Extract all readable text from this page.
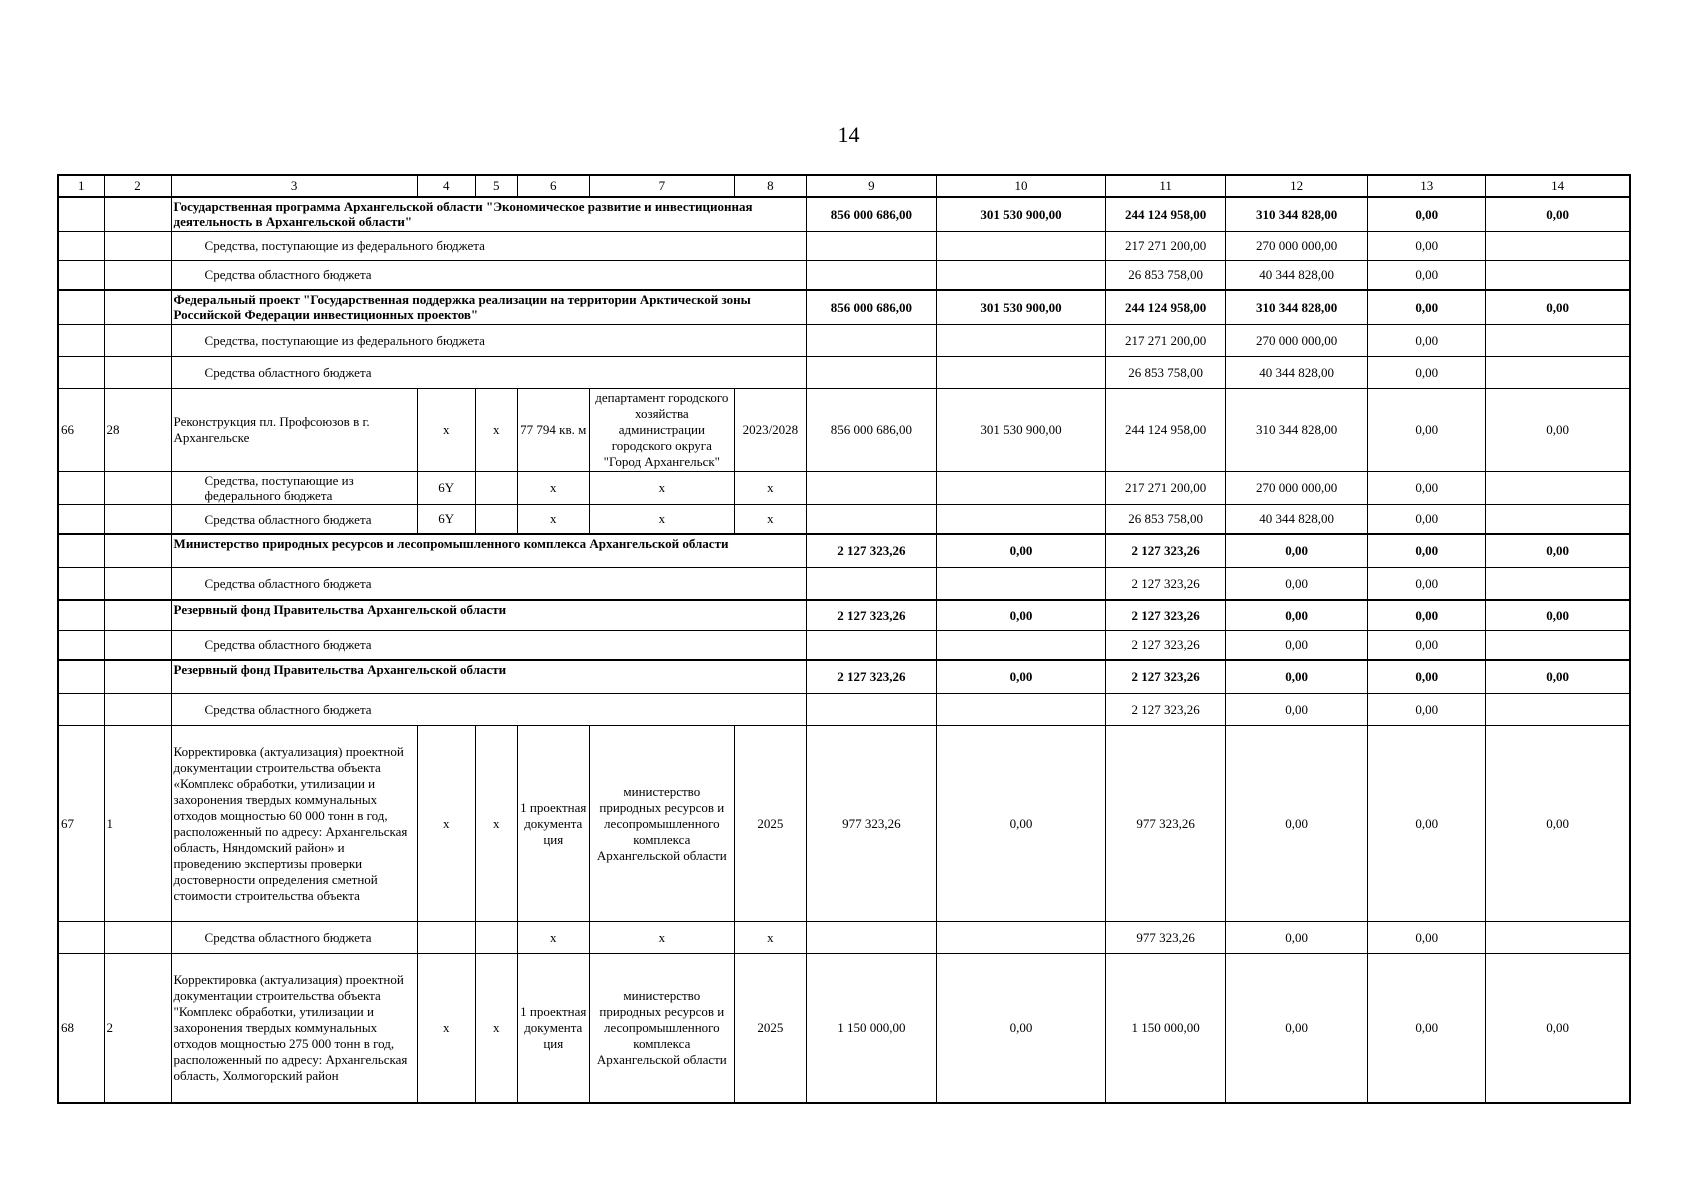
14
1	2	3	4	5	6	7	8	9	10	11	12	13	14
		Государственная программа Архангельской области "Экономическое развитие и инвестиционная деятельность в Архангельской области"						856 000 686,00	301 530 900,00	244 124 958,00	310 344 828,00	0,00	0,00
		Средства, поступающие из федерального бюджета								217 271 200,00	270 000 000,00	0,00	
		Средства областного бюджета								26 853 758,00	40 344 828,00	0,00	
		Федеральный проект "Государственная поддержка реализации на территории Арктической зоны Российской Федерации инвестиционных проектов"						856 000 686,00	301 530 900,00	244 124 958,00	310 344 828,00	0,00	0,00
		Средства, поступающие из федерального бюджета								217 271 200,00	270 000 000,00	0,00	
		Средства областного бюджета								26 853 758,00	40 344 828,00	0,00	
66	28	Реконструкция пл. Профсоюзов в г. Архангельске	x	x	77 794 кв. м	департамент городского хозяйства администрации городского округа "Город Архангельск"	2023/2028	856 000 686,00	301 530 900,00	244 124 958,00	310 344 828,00	0,00	0,00
		Средства, поступающие из федерального бюджета	6Y		x	x	x			217 271 200,00	270 000 000,00	0,00	
		Средства областного бюджета	6Y		x	x	x			26 853 758,00	40 344 828,00	0,00	
		Министерство природных ресурсов и лесопромышленного комплекса Архангельской области						2 127 323,26	0,00	2 127 323,26	0,00	0,00	0,00
		Средства областного бюджета								2 127 323,26	0,00	0,00	
		Резервный фонд Правительства Архангельской области						2 127 323,26	0,00	2 127 323,26	0,00	0,00	0,00
		Средства областного бюджета								2 127 323,26	0,00	0,00	
		Резервный фонд Правительства Архангельской области						2 127 323,26	0,00	2 127 323,26	0,00	0,00	0,00
		Средства областного бюджета								2 127 323,26	0,00	0,00	
67	1	Корректировка (актуализация) проектной документации строительства объекта «Комплекс обработки, утилизации и захоронения твердых коммунальных отходов мощностью 60 000 тонн в год, расположенный по адресу: Архангельская область, Няндомский район» и проведению экспертизы проверки достоверности определения сметной стоимости строительства объекта	x	x	1 проектная документа ция	министерство природных ресурсов и лесопромышленного комплекса Архангельской области	2025	977 323,26	0,00	977 323,26	0,00	0,00	0,00
		Средства областного бюджета			x	x	x			977 323,26	0,00	0,00	
68	2	Корректировка (актуализация) проектной документации строительства объекта "Комплекс обработки, утилизации и захоронения твердых коммунальных отходов мощностью 275 000 тонн в год, расположенный по адресу: Архангельская область, Холмогорский район	x	x	1 проектная документа ция	министерство природных ресурсов и лесопромышленного комплекса Архангельской области	2025	1 150 000,00	0,00	1 150 000,00	0,00	0,00	0,00
